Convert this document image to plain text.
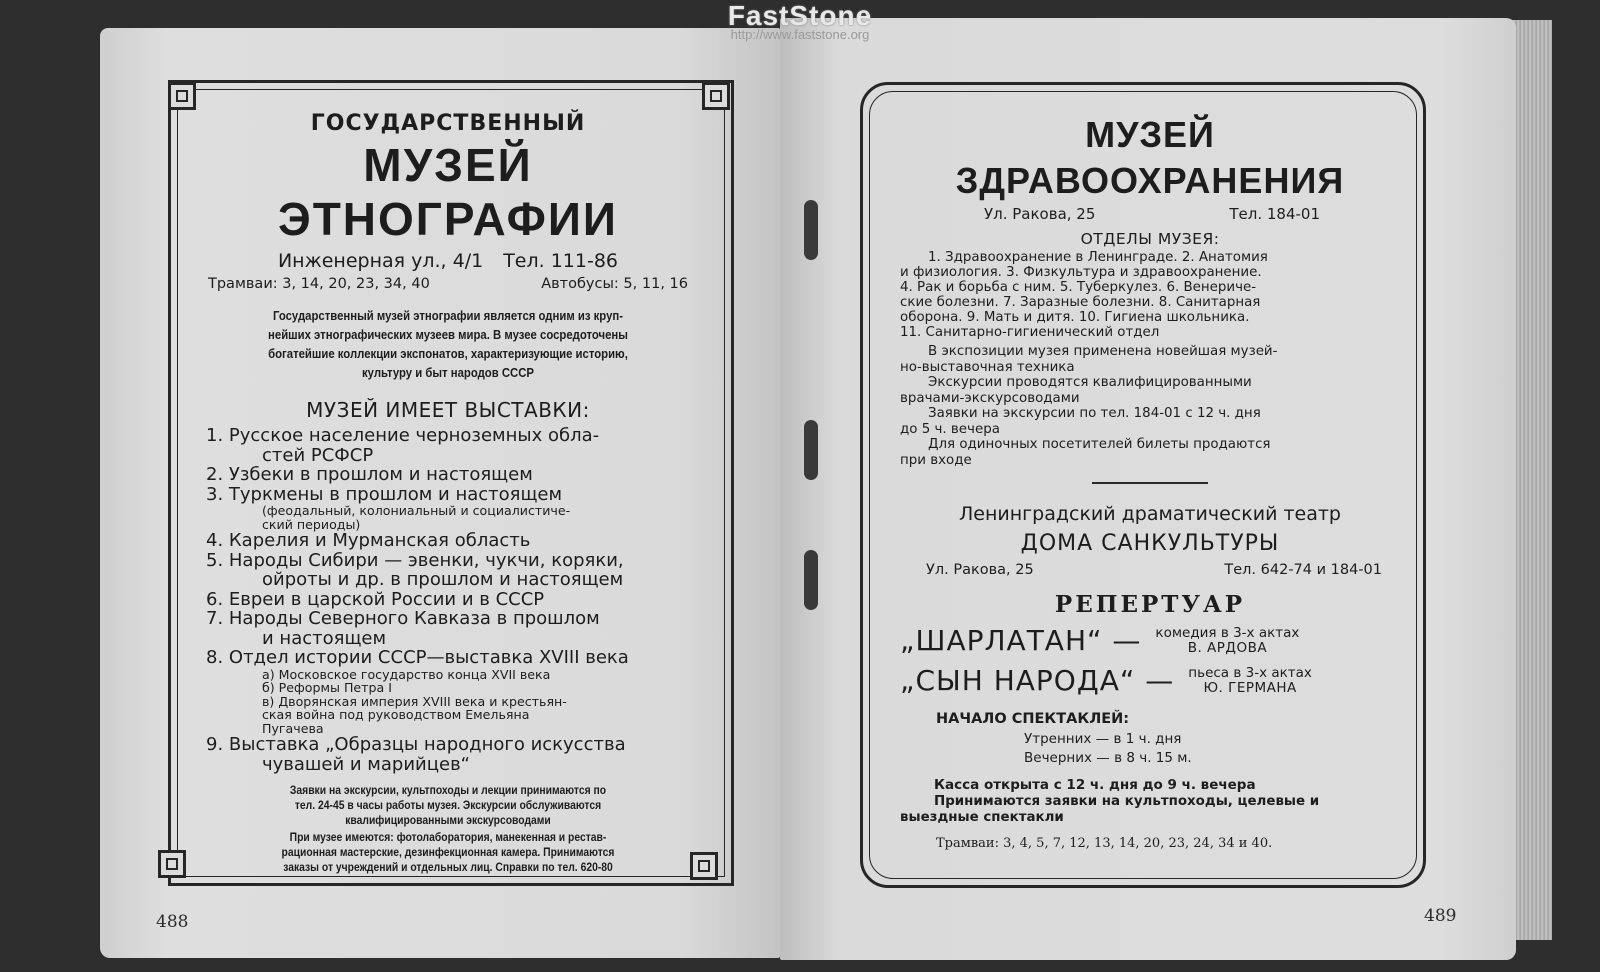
ГОСУДАРСТВЕННЫЙ
МУЗЕЙ ЭТНОГРАФИИ
Инженерная ул., 4/1 Тел. 111-86
Трамваи: 3, 14, 20, 23, 34, 40	Автобусы: 5, 11, 16
Государственный музей этнографии является одним из круп-
нейших этнографических музеев мира. В музее сосредоточены
богатейшие коллекции экспонатов, характеризующие историю,
культуру и быт народов СССР
МУЗЕЙ ИМЕЕТ ВЫСТАВКИ:
1. Русское население черноземных обла-
стей РСФСР
2. Узбеки в прошлом и настоящем
3. Туркмены в прошлом и настоящем
(феодальный, колониальный и социалистиче-
ский периоды)
4. Карелия и Мурманская область
5. Народы Сибири — эвенки, чукчи, коряки,
ойроты и др. в прошлом и настоящем
6. Евреи в царской России и в СССР
7. Народы Северного Кавказа в прошлом
и настоящем
8. Отдел истории СССР—выставка XVIII века
а) Московское государство конца XVII века
б) Реформы Петра I
в) Дворянская империя XVIII века и крестьян-
ская война под руководством Емельяна
Пугачева
9. Выставка „Образцы народного искусства
чувашей и марийцев“
Заявки на экскурсии, культпоходы и лекции принимаются по
тел. 24-45 в часы работы музея. Экскурсии обслуживаются
квалифицированными экскурсоводами
При музее имеются: фотолаборатория, манекенная и рестав-
рационная мастерские, дезинфекционная камера. Принимаются
заказы от учреждений и отдельных лиц. Справки по тел. 620-80
488
МУЗЕЙ ЗДРАВООХРАНЕНИЯ
Ул. Ракова, 25	Тел. 184-01
ОТДЕЛЫ МУЗЕЯ:
1. Здравоохранение в Ленинграде. 2. Анатомия
и физиология. 3. Физкультура и здравоохранение.
4. Рак и борьба с ним. 5. Туберкулез. 6. Венериче-
ские болезни. 7. Заразные болезни. 8. Санитарная
оборона. 9. Мать и дитя. 10. Гигиена школьника.
11. Санитарно-гигиенический отдел
В экспозиции музея применена новейшая музей-
но-выставочная техника
Экскурсии проводятся квалифицированными
врачами-экскурсоводами
Заявки на экскурсии по тел. 184-01 с 12 ч. дня
до 5 ч. вечера
Для одиночных посетителей билеты продаются
при входе
Ленинградский драматический театр
ДОМА САНКУЛЬТУРЫ
Ул. Ракова, 25	Тел. 642-74 и 184-01
РЕПЕРТУАР
„ШАРЛАТАН“ — комедия в 3-х актах
В. АРДОВА
„СЫН НАРОДА“ — пьеса в 3-х актах
Ю. ГЕРМАНА
НАЧАЛО СПЕКТАКЛЕЙ:
Утренних — в 1 ч. дня
Вечерних — в 8 ч. 15 м.
Касса открыта с 12 ч. дня до 9 ч. вечера
Принимаются заявки на культпоходы, целевые и
выездные спектакли
Трамваи: 3, 4, 5, 7, 12, 13, 14, 20, 23, 24, 34 и 40.
489
FastStone
http://www.faststone.org
